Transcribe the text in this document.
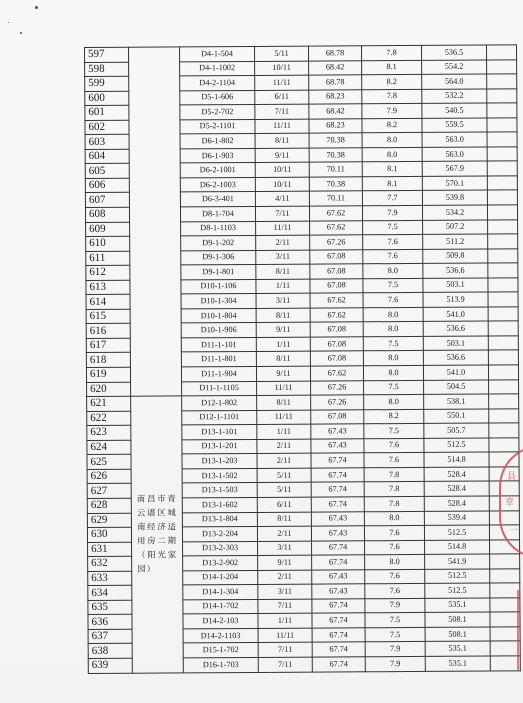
597		D4-1-504	5/11	68.78	7.8	536.5	
598		D4-1-1002	10/11	68.42	8.1	554.2	
599		D4-2-1104	11/11	68.78	8.2	564.0	
600		D5-1-606	6/11	68.23	7.8	532.2	
601		D5-2-702	7/11	68.42	7.9	540.5	
602		D5-2-1101	11/11	68.23	8.2	559.5	
603		D6-1-802	8/11	70.38	8.0	563.0	
604		D6-1-903	9/11	70.38	8.0	563.0	
605		D6-2-1001	10/11	70.11	8.1	567.9	
606		D6-2-1003	10/11	70.38	8.1	570.1	
607		D6-3-401	4/11	70.11	7.7	539.8	
608		D8-1-704	7/11	67.62	7.9	534.2	
609		D8-1-1103	11/11	67.62	7.5	507.2	
610		D9-1-202	2/11	67.26	7.6	511.2	
611		D9-1-306	3/11	67.08	7.6	509.8	
612		D9-1-801	8/11	67.08	8.0	536.6	
613		D10-1-106	1/11	67.08	7.5	503.1	
614		D10-1-304	3/11	67.62	7.6	513.9	
615		D10-1-804	8/11	67.62	8.0	541.0	
616		D10-1-906	9/11	67.08	8.0	536.6	
617		D11-1-101	1/11	67.08	7.5	503.1	
618		D11-1-801	8/11	67.08	8.0	536.6	
619		D11-1-904	9/11	67.62	8.0	541.0	
620		D11-1-1105	11/11	67.26	7.5	504.5	
621	南昌市青云谱区城南经济适用房二期（阳光家园）	D12-1-802	8/11	67.26	8.0	538.1	
622		D12-1-1101	11/11	67.08	8.2	550.1	
623		D13-1-101	1/11	67.43	7.5	505.7	
624		D13-1-201	2/11	67.43	7.6	512.5	
625		D13-1-203	2/11	67.74	7.6	514.8	
626		D13-1-502	5/11	67.74	7.8	528.4	
627		D13-1-503	5/11	67.74	7.8	528.4	
628		D13-1-602	6/11	67.74	7.8	528.4	
629		D13-1-804	8/11	67.43	8.0	539.4	
630		D13-2-204	2/11	67.43	7.6	512.5	
631		D13-2-303	3/11	67.74	7.6	514.8	
632		D13-2-902	9/11	67.74	8.0	541.9	
633		D14-1-204	2/11	67.43	7.6	512.5	
634		D14-1-304	3/11	67.43	7.6	512.5	
635		D14-1-702	7/11	67.74	7.9	535.1	
636		D14-2-103	1/11	67.74	7.5	508.1	
637		D14-2-1103	11/11	67.74	7.5	508.1	
638		D15-1-702	7/11	67.74	7.9	535.1	
639		D16-1-703	7/11	67.74	7.9	535.1	
县
章
一
